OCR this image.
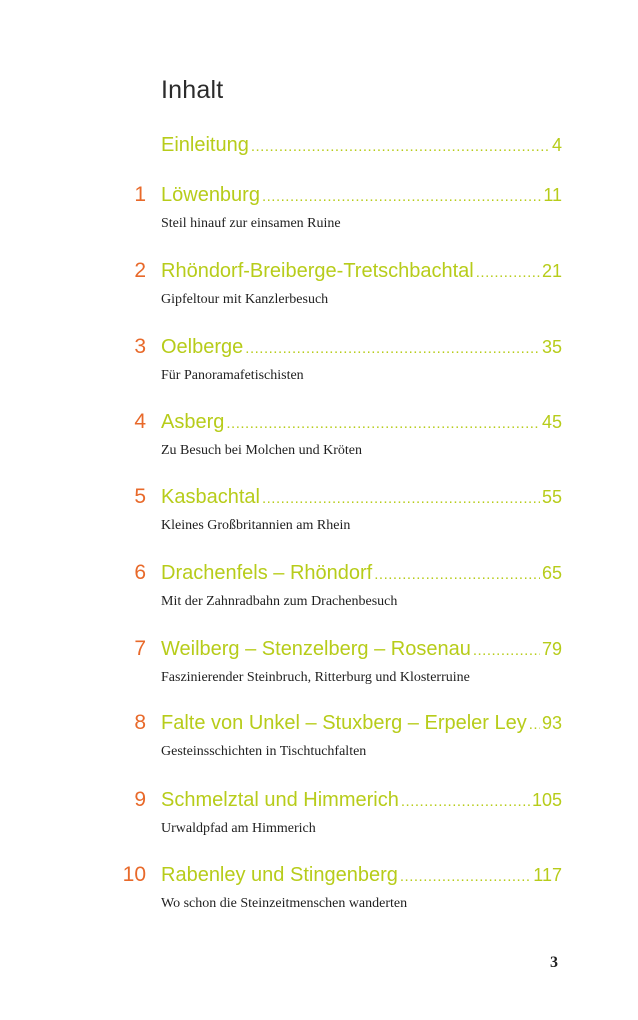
Inhalt
Einleitung .....	4
1 Löwenburg .....	11
Steil hinauf zur einsamen Ruine
2 Rhöndorf-Breiberge-Tretschbachtal .....	21
Gipfeltour mit Kanzlerbesuch
3 Oelberge .....	35
Für Panoramafetischisten
4 Asberg .....	45
Zu Besuch bei Molchen und Kröten
5 Kasbachtal .....	55
Kleines Großbritannien am Rhein
6 Drachenfels – Rhöndorf .....	65
Mit der Zahnradbahn zum Drachenbesuch
7 Weilberg – Stenzelberg – Rosenau .....	79
Faszinierender Steinbruch, Ritterburg und Klosterruine
8 Falte von Unkel – Stuxberg – Erpeler Ley ..... 93
Gesteinsschichten in Tischtuchfalten
9 Schmelztal und Himmerich .....	105
Urwaldpfad am Himmerich
10 Rabenley und Stingenberg .....	117
Wo schon die Steinzeitmenschen wanderten
3
